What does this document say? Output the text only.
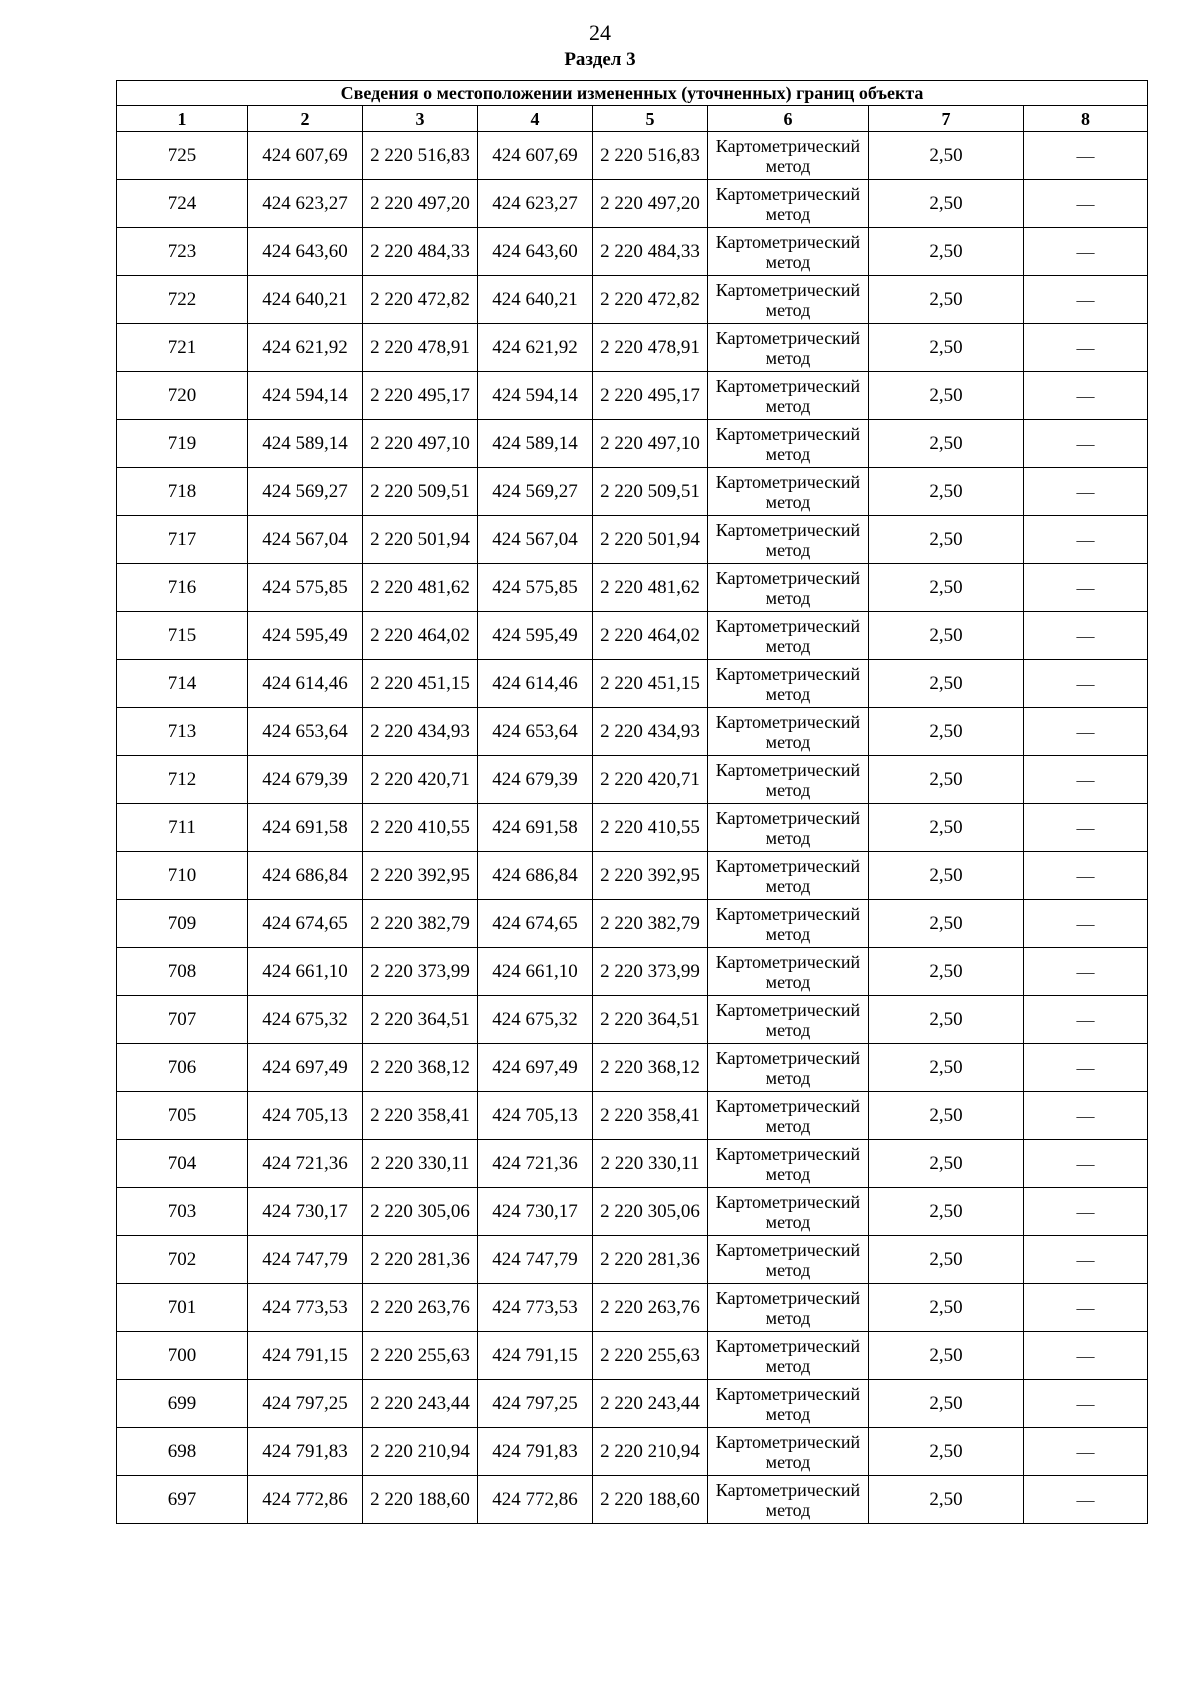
24
Раздел 3
Сведения о местоположении измененных (уточненных) границ объекта							
1	2	3	4	5	6	7	8
725	424 607,69	2 220 516,83	424 607,69	2 220 516,83	Картометрический метод	2,50	—
724	424 623,27	2 220 497,20	424 623,27	2 220 497,20	Картометрический метод	2,50	—
723	424 643,60	2 220 484,33	424 643,60	2 220 484,33	Картометрический метод	2,50	—
722	424 640,21	2 220 472,82	424 640,21	2 220 472,82	Картометрический метод	2,50	—
721	424 621,92	2 220 478,91	424 621,92	2 220 478,91	Картометрический метод	2,50	—
720	424 594,14	2 220 495,17	424 594,14	2 220 495,17	Картометрический метод	2,50	—
719	424 589,14	2 220 497,10	424 589,14	2 220 497,10	Картометрический метод	2,50	—
718	424 569,27	2 220 509,51	424 569,27	2 220 509,51	Картометрический метод	2,50	—
717	424 567,04	2 220 501,94	424 567,04	2 220 501,94	Картометрический метод	2,50	—
716	424 575,85	2 220 481,62	424 575,85	2 220 481,62	Картометрический метод	2,50	—
715	424 595,49	2 220 464,02	424 595,49	2 220 464,02	Картометрический метод	2,50	—
714	424 614,46	2 220 451,15	424 614,46	2 220 451,15	Картометрический метод	2,50	—
713	424 653,64	2 220 434,93	424 653,64	2 220 434,93	Картометрический метод	2,50	—
712	424 679,39	2 220 420,71	424 679,39	2 220 420,71	Картометрический метод	2,50	—
711	424 691,58	2 220 410,55	424 691,58	2 220 410,55	Картометрический метод	2,50	—
710	424 686,84	2 220 392,95	424 686,84	2 220 392,95	Картометрический метод	2,50	—
709	424 674,65	2 220 382,79	424 674,65	2 220 382,79	Картометрический метод	2,50	—
708	424 661,10	2 220 373,99	424 661,10	2 220 373,99	Картометрический метод	2,50	—
707	424 675,32	2 220 364,51	424 675,32	2 220 364,51	Картометрический метод	2,50	—
706	424 697,49	2 220 368,12	424 697,49	2 220 368,12	Картометрический метод	2,50	—
705	424 705,13	2 220 358,41	424 705,13	2 220 358,41	Картометрический метод	2,50	—
704	424 721,36	2 220 330,11	424 721,36	2 220 330,11	Картометрический метод	2,50	—
703	424 730,17	2 220 305,06	424 730,17	2 220 305,06	Картометрический метод	2,50	—
702	424 747,79	2 220 281,36	424 747,79	2 220 281,36	Картометрический метод	2,50	—
701	424 773,53	2 220 263,76	424 773,53	2 220 263,76	Картометрический метод	2,50	—
700	424 791,15	2 220 255,63	424 791,15	2 220 255,63	Картометрический метод	2,50	—
699	424 797,25	2 220 243,44	424 797,25	2 220 243,44	Картометрический метод	2,50	—
698	424 791,83	2 220 210,94	424 791,83	2 220 210,94	Картометрический метод	2,50	—
697	424 772,86	2 220 188,60	424 772,86	2 220 188,60	Картометрический метод	2,50	—
